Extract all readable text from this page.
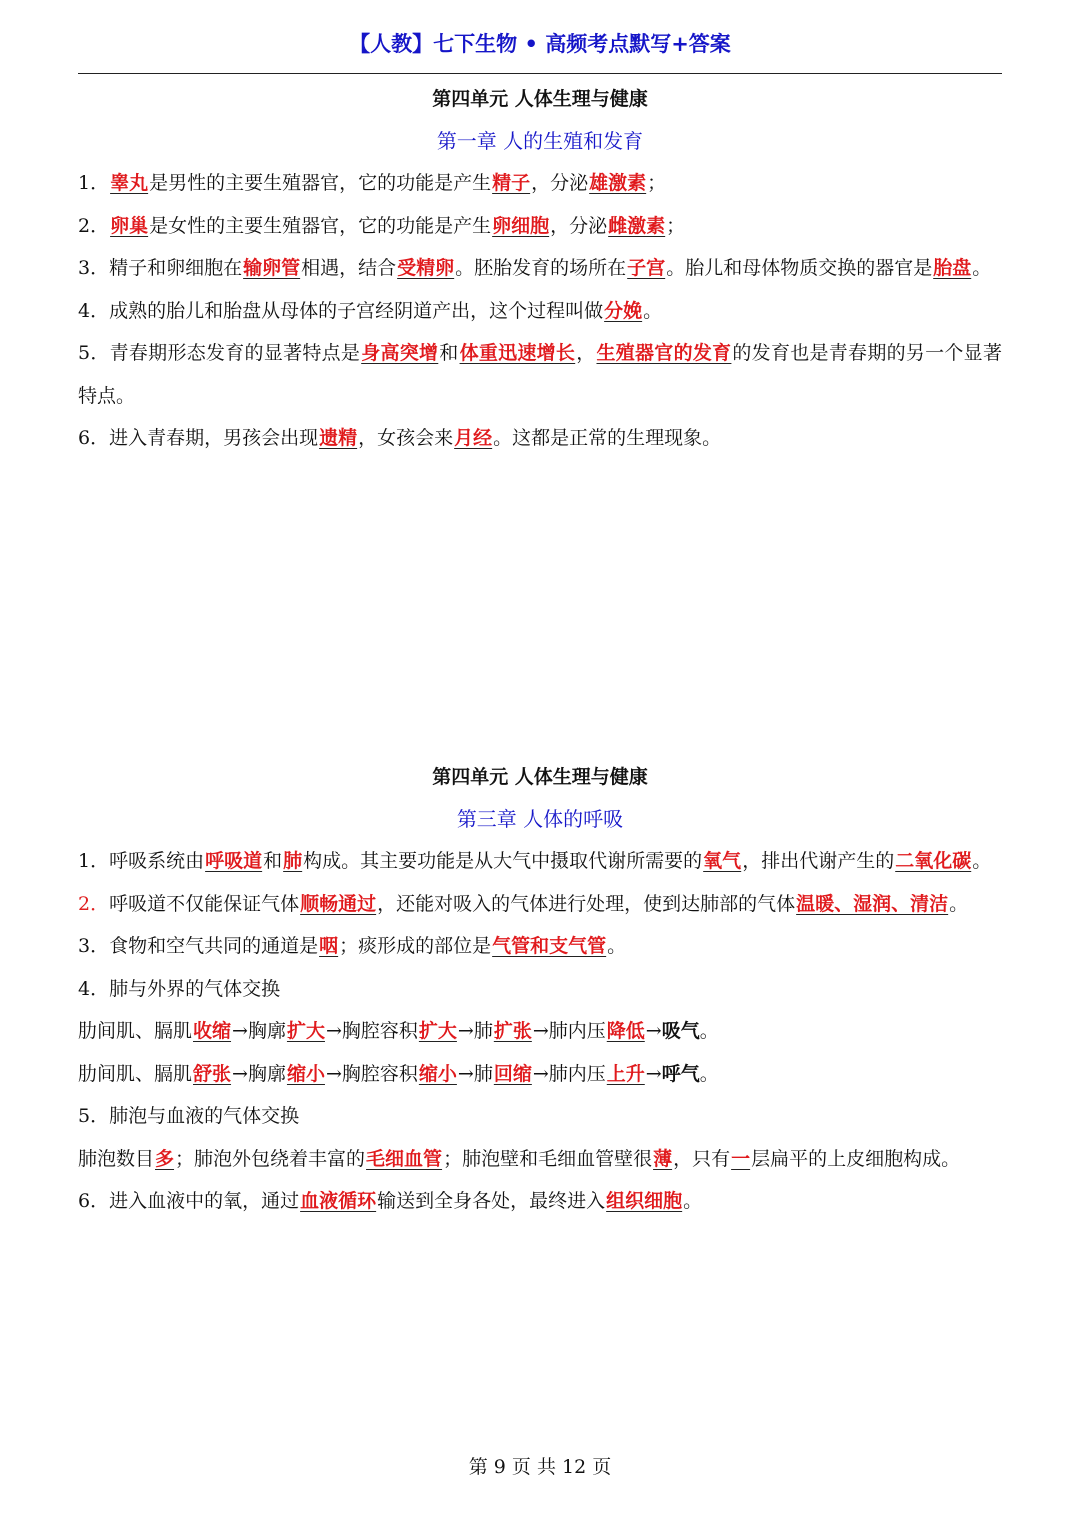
【人教】七下生物 • 高频考点默写+答案
第四单元 人体生理与健康
第一章 人的生殖和发育

1．睾丸是男性的主要生殖器官，它的功能是产生精子，分泌雄激素；

2．卵巢是女性的主要生殖器官，它的功能是产生卵细胞，分泌雌激素；

3．精子和卵细胞在输卵管相遇，结合受精卵。胚胎发育的场所在子宫。胎儿和母体物质交换的器官是胎盘。

4．成熟的胎儿和胎盘从母体的子宫经阴道产出，这个过程叫做分娩。

5．青春期形态发育的显著特点是身高突增和体重迅速增长，生殖器官的发育的发育也是青春期的另一个显著特点。

6．进入青春期，男孩会出现遗精，女孩会来月经。这都是正常的生理现象。

第四单元 人体生理与健康
第三章 人体的呼吸

1．呼吸系统由呼吸道和肺构成。其主要功能是从大气中摄取代谢所需要的氧气，排出代谢产生的二氧化碳。

2．呼吸道不仅能保证气体顺畅通过，还能对吸入的气体进行处理，使到达肺部的气体温暖、湿润、清洁。

3．食物和空气共同的通道是咽；痰形成的部位是气管和支气管。

4．肺与外界的气体交换

肋间肌、膈肌收缩→胸廓扩大→胸腔容积扩大→肺扩张→肺内压降低→吸气。

肋间肌、膈肌舒张→胸廓缩小→胸腔容积缩小→肺回缩→肺内压上升→呼气。

5．肺泡与血液的气体交换

肺泡数目多；肺泡外包绕着丰富的毛细血管；肺泡壁和毛细血管壁很薄，只有一层扁平的上皮细胞构成。

6．进入血液中的氧，通过血液循环输送到全身各处，最终进入组织细胞。

第 9 页 共 12 页
